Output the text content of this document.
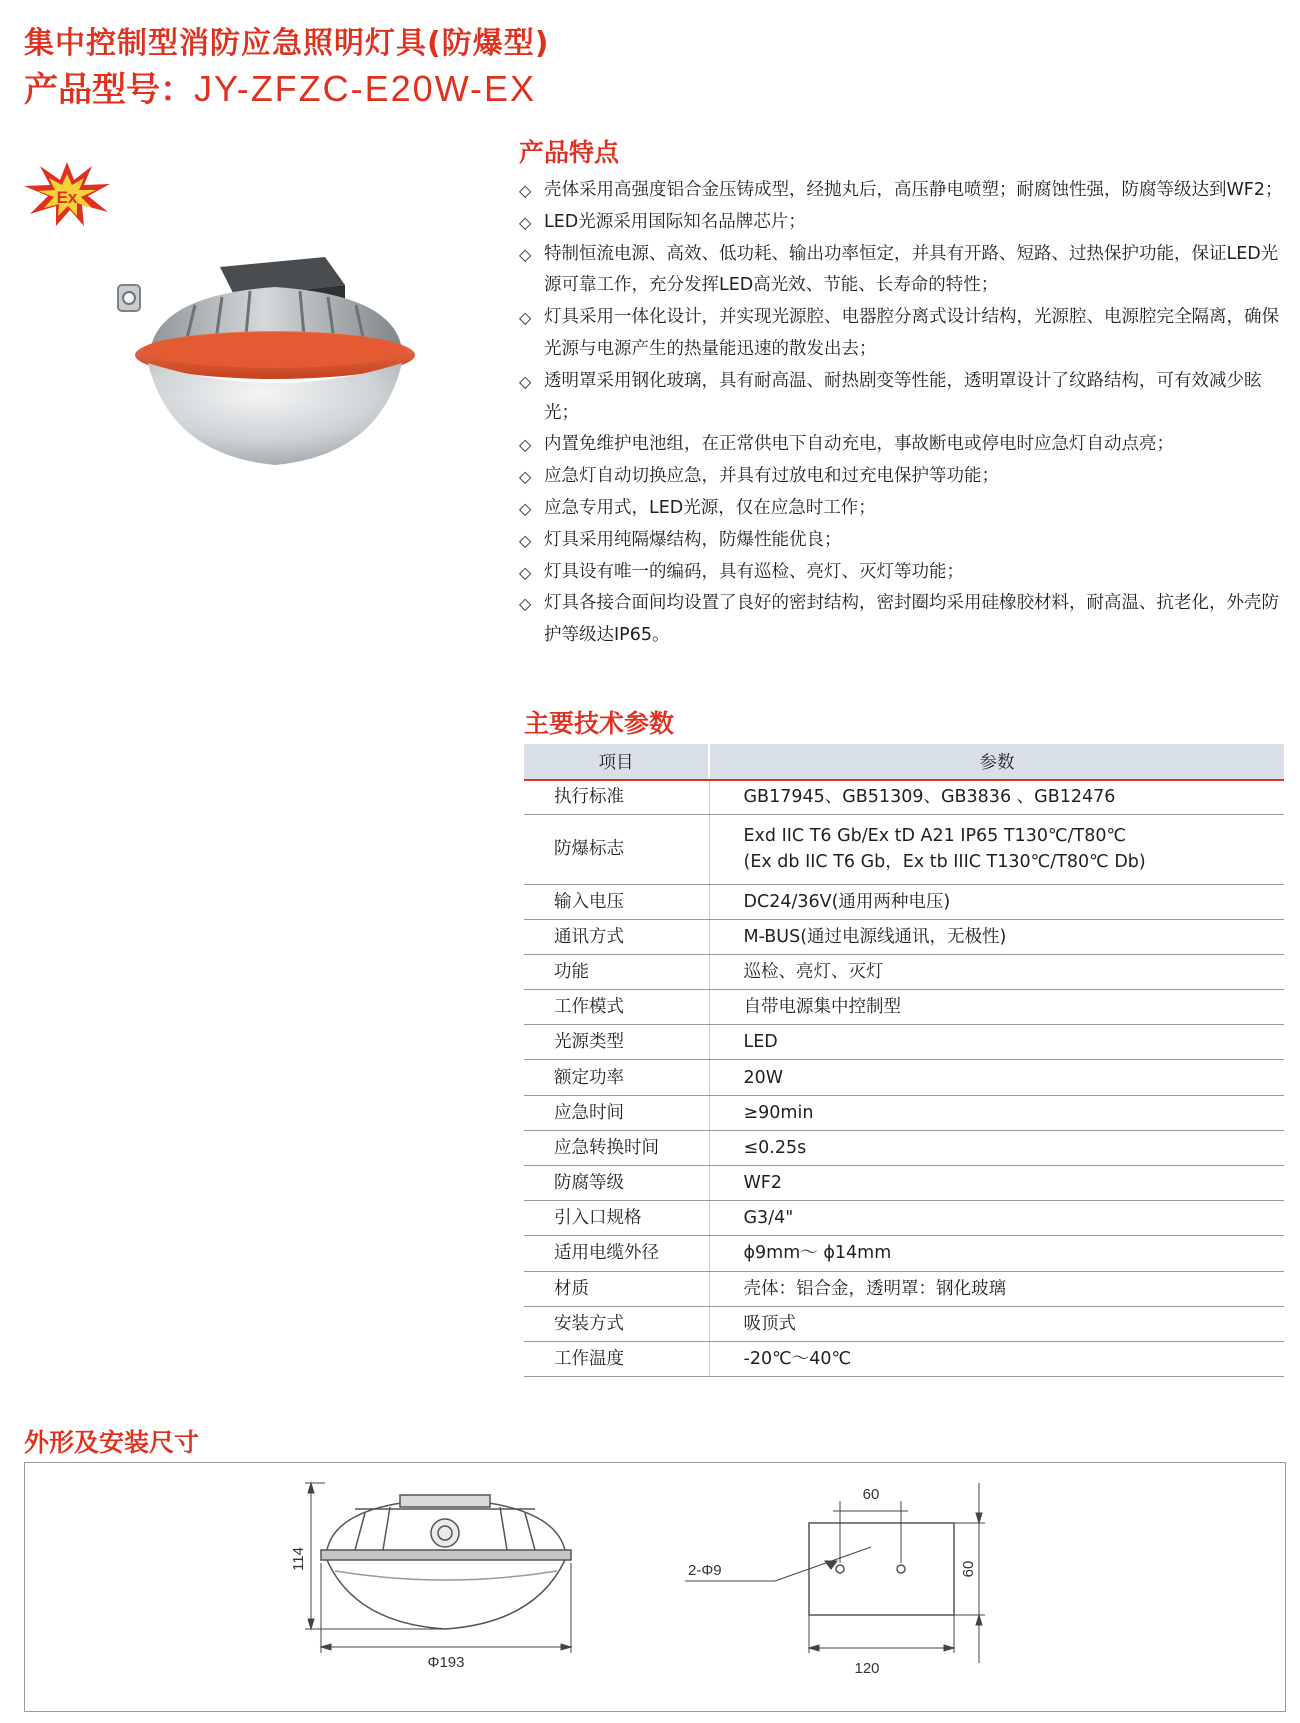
集中控制型消防应急照明灯具(防爆型)
产品型号：JY-ZFZC-E20W-EX
Ex
产品特点
◇ 壳体采用高强度铝合金压铸成型，经抛丸后，高压静电喷塑；耐腐蚀性强，防腐等级达到WF2；
◇ LED光源采用国际知名品牌芯片；
◇ 特制恒流电源、高效、低功耗、输出功率恒定，并具有开路、短路、过热保护功能，保证LED光源可靠工作，充分发挥LED高光效、节能、长寿命的特性；
◇ 灯具采用一体化设计，并实现光源腔、电器腔分离式设计结构，光源腔、电源腔完全隔离，确保光源与电源产生的热量能迅速的散发出去；
◇ 透明罩采用钢化玻璃，具有耐高温、耐热剧变等性能，透明罩设计了纹路结构，可有效减少眩光；
◇ 内置免维护电池组，在正常供电下自动充电，事故断电或停电时应急灯自动点亮；
◇ 应急灯自动切换应急，并具有过放电和过充电保护等功能；
◇ 应急专用式，LED光源，仅在应急时工作；
◇ 灯具采用纯隔爆结构，防爆性能优良；
◇ 灯具设有唯一的编码，具有巡检、亮灯、灭灯等功能；
◇ 灯具各接合面间均设置了良好的密封结构，密封圈均采用硅橡胶材料，耐高温、抗老化，外壳防护等级达IP65。
主要技术参数
项目	参数
执行标准	GB17945、GB51309、GB3836 、GB12476
防爆标志	Exd IIC T6 Gb/Ex tD A21 IP65 T130℃/T80℃
(Ex db IIC T6 Gb，Ex tb IIIC T130℃/T80℃ Db)

输入电压	DC24/36V(通用两种电压)
通讯方式	M-BUS(通过电源线通讯，无极性)
功能	巡检、亮灯、灭灯
工作模式	自带电源集中控制型
光源类型	LED
额定功率	20W
应急时间	≥90min
应急转换时间	≤0.25s
防腐等级	WF2
引入口规格	G3/4"
适用电缆外径	ϕ9mm～ ϕ14mm
材质	壳体：铝合金，透明罩：钢化玻璃
安装方式	吸顶式
工作温度	-20℃～40℃
外形及安装尺寸
114
Φ193
60
60
120
2-Φ9
